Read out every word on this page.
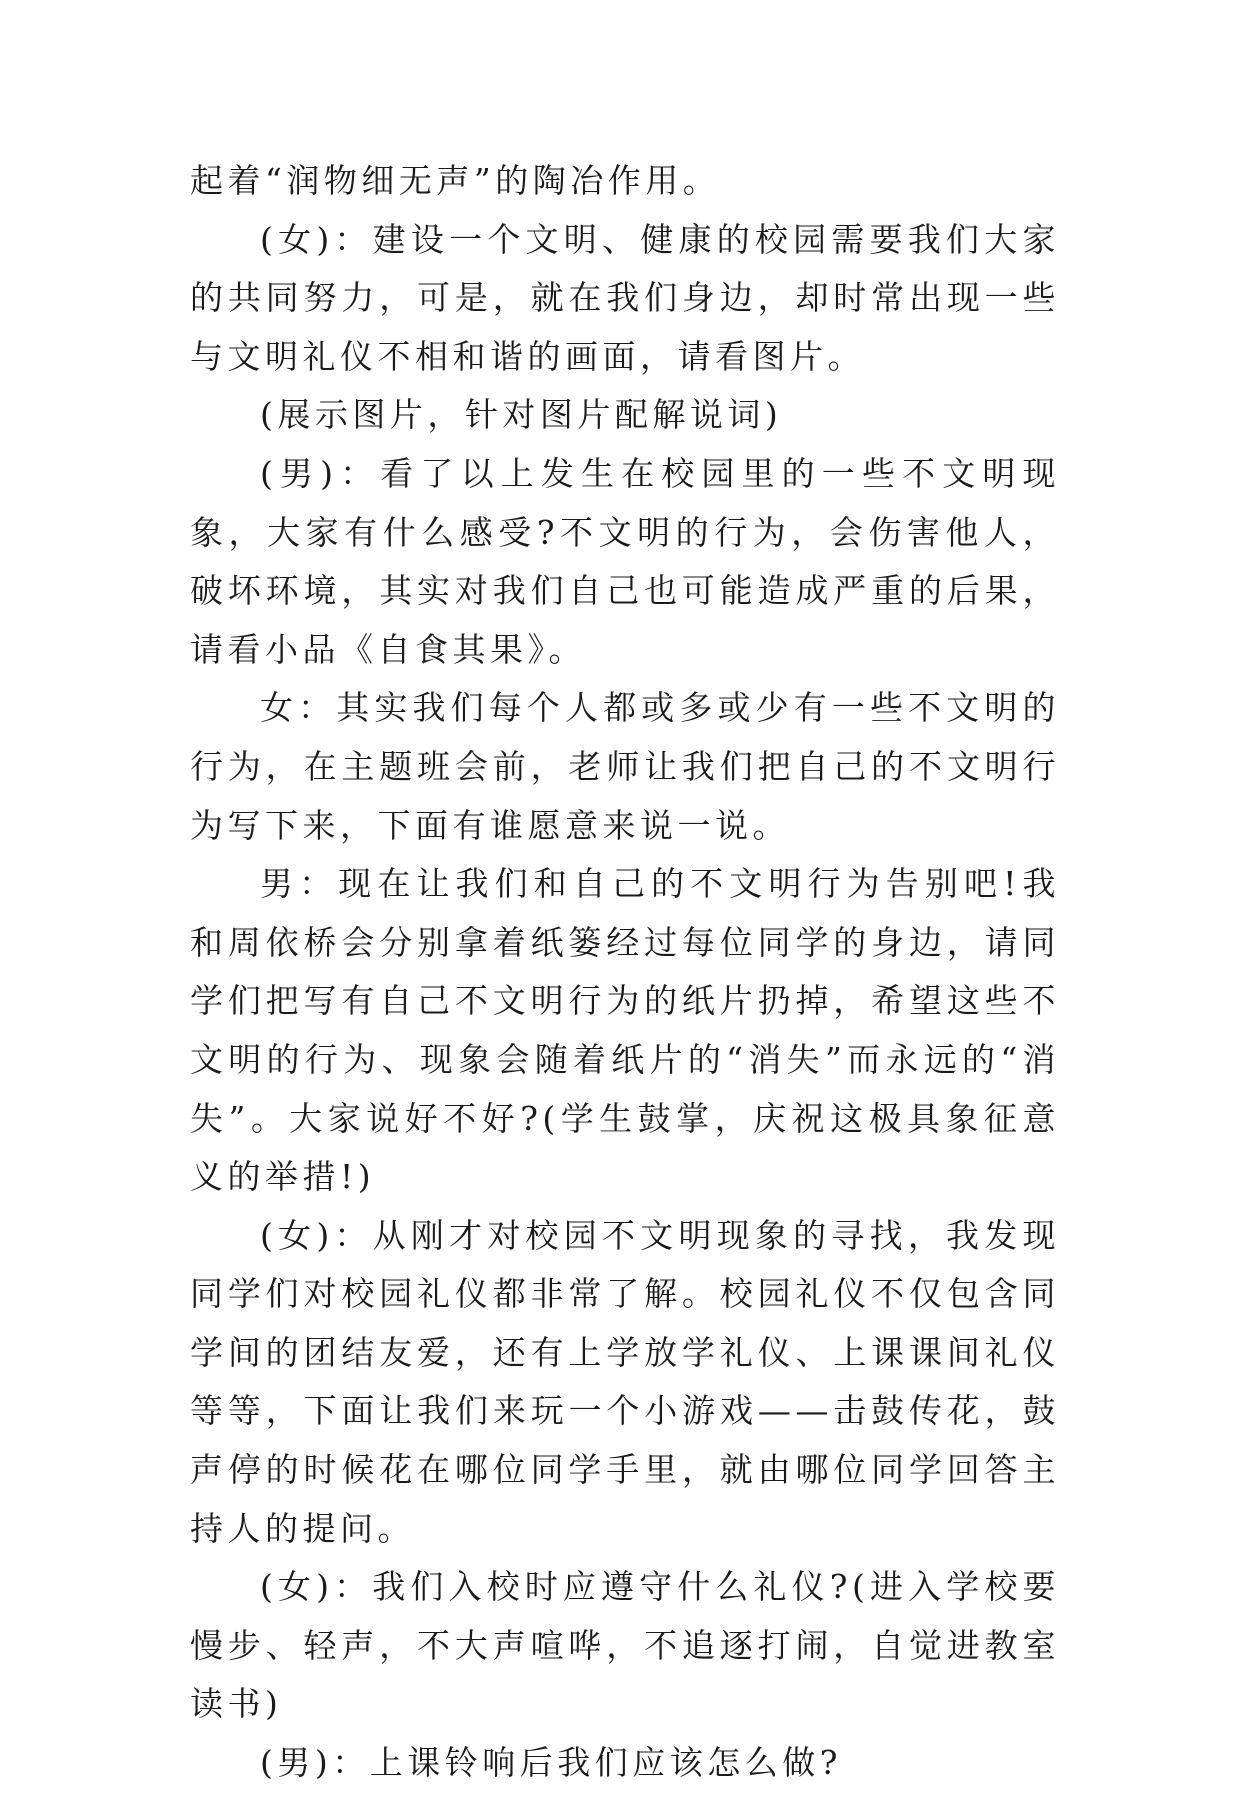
起着“润物细无声”的陶冶作用。

(女)：建设一个文明、健康的校园需要我们大家的共同努力，可是，就在我们身边，却时常出现一些与文明礼仪不相和谐的画面，请看图片。

(展示图片，针对图片配解说词)

(男)：看了以上发生在校园里的一些不文明现象，大家有什么感受?不文明的行为，会伤害他人，破坏环境，其实对我们自己也可能造成严重的后果，请看小品《自食其果》。

女：其实我们每个人都或多或少有一些不文明的行为，在主题班会前，老师让我们把自己的不文明行为写下来，下面有谁愿意来说一说。

男：现在让我们和自己的不文明行为告别吧!我和周依桥会分别拿着纸篓经过每位同学的身边，请同学们把写有自己不文明行为的纸片扔掉，希望这些不文明的行为、现象会随着纸片的“消失”而永远的“消失”。大家说好不好?(学生鼓掌，庆祝这极具象征意义的举措!)

(女)：从刚才对校园不文明现象的寻找，我发现同学们对校园礼仪都非常了解。校园礼仪不仅包含同学间的团结友爱，还有上学放学礼仪、上课课间礼仪等等，下面让我们来玩一个小游戏——击鼓传花，鼓声停的时候花在哪位同学手里，就由哪位同学回答主持人的提问。

(女)：我们入校时应遵守什么礼仪?(进入学校要慢步、轻声，不大声喧哗，不追逐打闹，自觉进教室读书)

(男)：上课铃响后我们应该怎么做?
